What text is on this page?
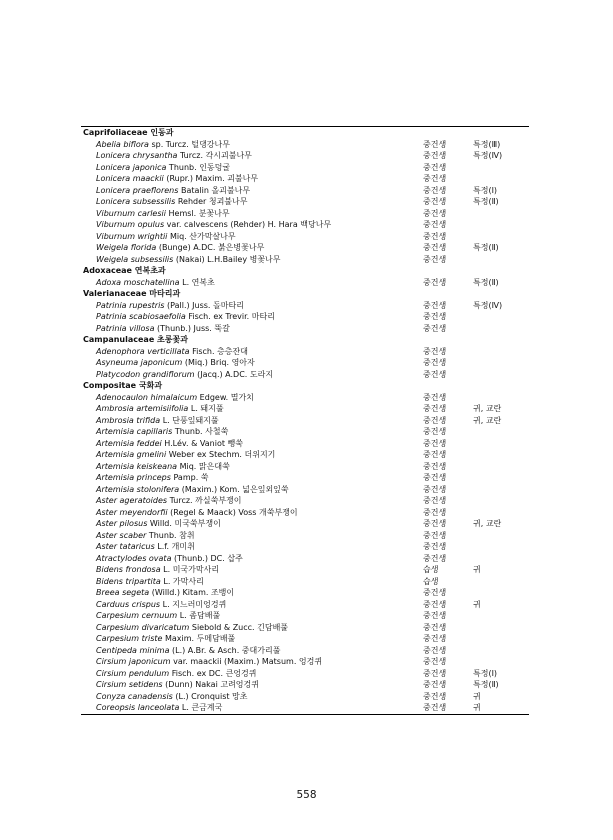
Caprifoliaceae 인동과
Abelia biflora sp. Turcz. 털댕강나무	중건생	특정(Ⅲ)
Lonicera chrysantha Turcz. 각시괴불나무	중건생	특정(Ⅳ)
Lonicera japonica Thunb. 인동덩굴	중건생
Lonicera maackii (Rupr.) Maxim. 괴불나무	중건생
Lonicera praeflorens Batalin 올괴불나무	중건생	특정(Ⅰ)
Lonicera subsessilis Rehder 청괴불나무	중건생	특정(Ⅱ)
Viburnum carlesii Hemsl. 분꽃나무	중건생
Viburnum opulus var. calvescens (Rehder) H. Hara 백당나무	중건생
Viburnum wrightii Miq. 산가막살나무	중건생
Weigela florida (Bunge) A.DC. 붉은병꽃나무	중건생	특정(Ⅱ)
Weigela subsessilis (Nakai) L.H.Bailey 병꽃나무	중건생
Adoxaceae 연복초과
Adoxa moschatellina L. 연복초	중건생	특정(Ⅱ)
Valerianaceae 마타리과
Patrinia rupestris (Pall.) Juss. 돌마타리	중건생	특정(Ⅳ)
Patrinia scabiosaefolia Fisch. ex Trevir. 마타리	중건생
Patrinia villosa (Thunb.) Juss. 뚝갈	중건생
Campanulaceae 초롱꽃과
Adenophora verticillata Fisch. 층층잔대	중건생
Asyneuma japonicum (Miq.) Briq. 영아자	중건생
Platycodon grandiflorum (Jacq.) A.DC. 도라지	중건생
Compositae 국화과
Adenocaulon himalaicum Edgew. 멸가치	중건생
Ambrosia artemisiifolia L. 돼지풀	중건생	귀, 교란
Ambrosia trifida L. 단풍잎돼지풀	중건생	귀, 교란
Artemisia capillaris Thunb. 사철쑥	중건생
Artemisia feddei H.Lév. & Vaniot 뺑쑥	중건생
Artemisia gmelini Weber ex Stechm. 더위지기	중건생
Artemisia keiskeana Miq. 맑은대쑥	중건생
Artemisia princeps Pamp. 쑥	중건생
Artemisia stolonifera (Maxim.) Kom. 넓은잎외잎쑥	중건생
Aster ageratoides Turcz. 까실쑥부쟁이	중건생
Aster meyendorfii (Regel & Maack) Voss 개쑥부쟁이	중건생
Aster pilosus Willd. 미국쑥부쟁이	중건생	귀, 교란
Aster scaber Thunb. 참취	중건생
Aster tataricus L.f. 개미취	중건생
Atractylodes ovata (Thunb.) DC. 삽주	중건생
Bidens frondosa L. 미국가막사리	습생	귀
Bidens tripartita L. 가막사리	습생
Breea segeta (Willd.) Kitam. 조뱅이	중건생
Carduus crispus L. 지느러미엉겅퀴	중건생	귀
Carpesium cernuum L. 좀담배풀	중건생
Carpesium divaricatum Siebold & Zucc. 긴담배풀	중건생
Carpesium triste Maxim. 두메담배풀	중건생
Centipeda minima (L.) A.Br. & Asch. 중대가리풀	중건생
Cirsium japonicum var. maackii (Maxim.) Matsum. 엉겅퀴	중건생
Cirsium pendulum Fisch. ex DC. 큰엉겅퀴	중건생	특정(Ⅰ)
Cirsium setidens (Dunn) Nakai 고려엉겅퀴	중건생	특정(Ⅱ)
Conyza canadensis (L.) Cronquist 망초	중건생	귀
Coreopsis lanceolata L. 큰금계국	중건생	귀
558
